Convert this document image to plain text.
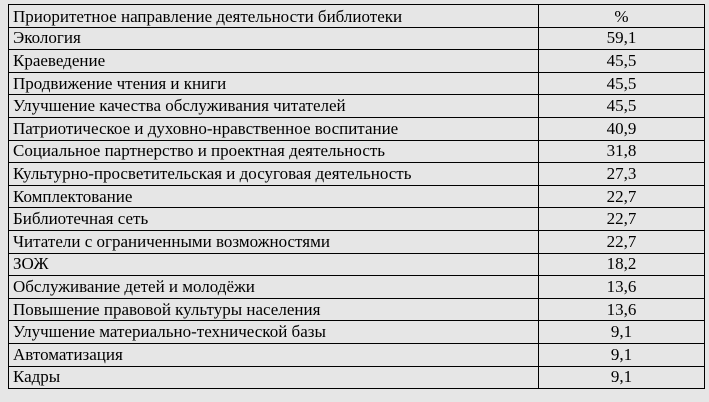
Приоритетное направление деятельности библиотеки	%
Экология	59,1
Краеведение	45,5
Продвижение чтения и книги	45,5
Улучшение качества обслуживания читателей	45,5
Патриотическое и духовно-нравственное воспитание	40,9
Социальное партнерство и проектная деятельность	31,8
Культурно-просветительская и досуговая деятельность	27,3
Комплектование	22,7
Библиотечная сеть	22,7
Читатели с ограниченными возможностями	22,7
ЗОЖ	18,2
Обслуживание детей и молодёжи	13,6
Повышение правовой культуры населения	13,6
Улучшение материально-технической базы	9,1
Автоматизация	9,1
Кадры	9,1
